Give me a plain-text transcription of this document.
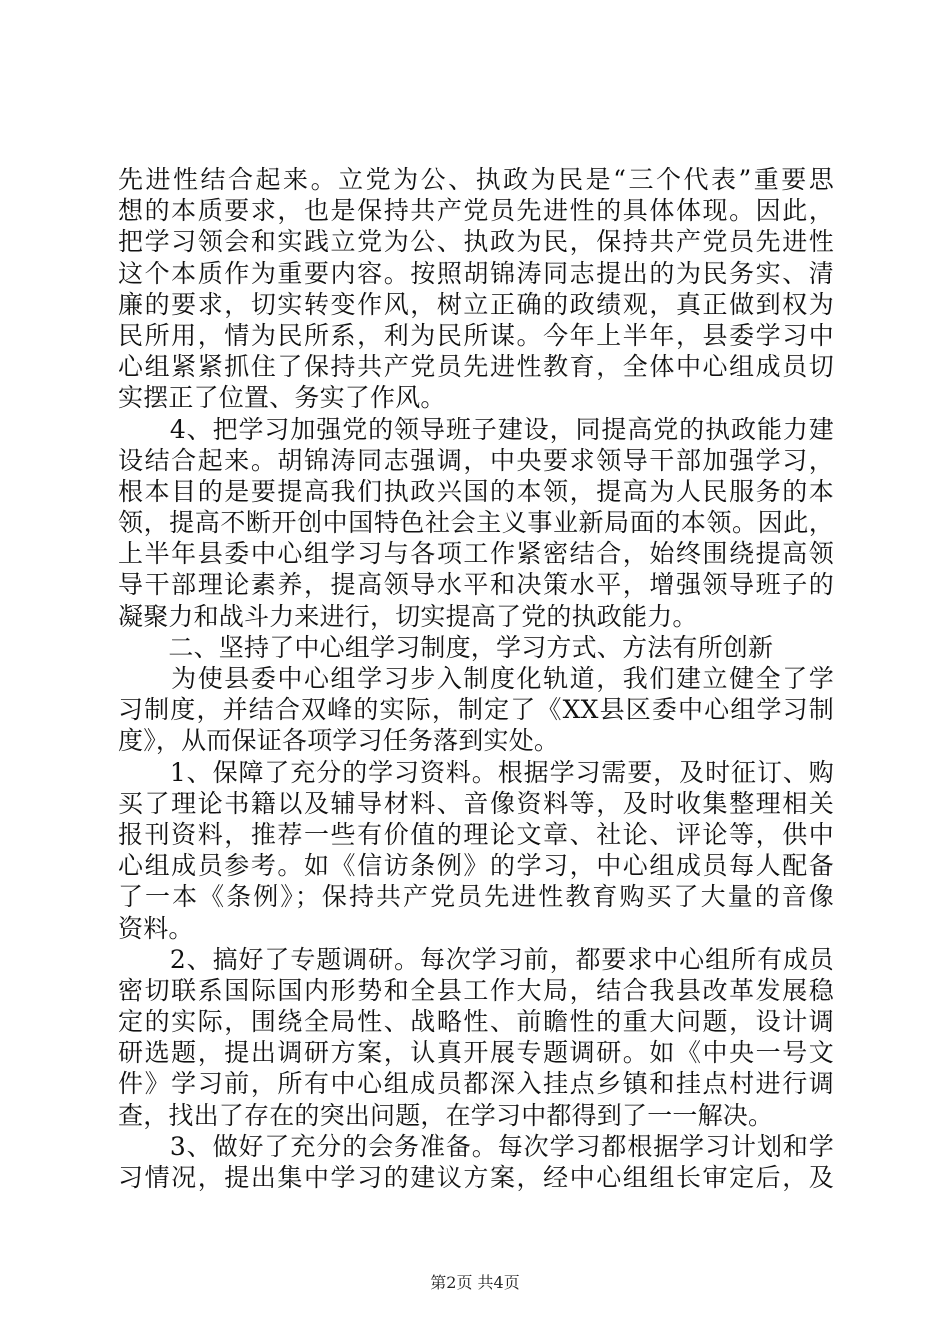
先进性结合起来。立党为公、执政为民是“三个代表”重要思
想的本质要求，也是保持共产党员先进性的具体体现。因此，
把学习领会和实践立党为公、执政为民，保持共产党员先进性
这个本质作为重要内容。按照胡锦涛同志提出的为民务实、清
廉的要求，切实转变作风，树立正确的政绩观，真正做到权为
民所用，情为民所系，利为民所谋。今年上半年，县委学习中
心组紧紧抓住了保持共产党员先进性教育，全体中心组成员切
实摆正了位置、务实了作风。
　　4、把学习加强党的领导班子建设，同提高党的执政能力建
设结合起来。胡锦涛同志强调，中央要求领导干部加强学习，
根本目的是要提高我们执政兴国的本领，提高为人民服务的本
领，提高不断开创中国特色社会主义事业新局面的本领。因此，
上半年县委中心组学习与各项工作紧密结合，始终围绕提高领
导干部理论素养，提高领导水平和决策水平，增强领导班子的
凝聚力和战斗力来进行，切实提高了党的执政能力。
　　二、坚持了中心组学习制度，学习方式、方法有所创新
　　为使县委中心组学习步入制度化轨道，我们建立健全了学
习制度，并结合双峰的实际，制定了《XX县区委中心组学习制
度》，从而保证各项学习任务落到实处。
　　1、保障了充分的学习资料。根据学习需要，及时征订、购
买了理论书籍以及辅导材料、音像资料等，及时收集整理相关
报刊资料，推荐一些有价值的理论文章、社论、评论等，供中
心组成员参考。如《信访条例》的学习，中心组成员每人配备
了一本《条例》；保持共产党员先进性教育购买了大量的音像
资料。
　　2、搞好了专题调研。每次学习前，都要求中心组所有成员
密切联系国际国内形势和全县工作大局，结合我县改革发展稳
定的实际，围绕全局性、战略性、前瞻性的重大问题，设计调
研选题，提出调研方案，认真开展专题调研。如《中央一号文
件》学习前，所有中心组成员都深入挂点乡镇和挂点村进行调
查，找出了存在的突出问题，在学习中都得到了一一解决。
　　3、做好了充分的会务准备。每次学习都根据学习计划和学
习情况，提出集中学习的建议方案，经中心组组长审定后，及
第2页 共4页
